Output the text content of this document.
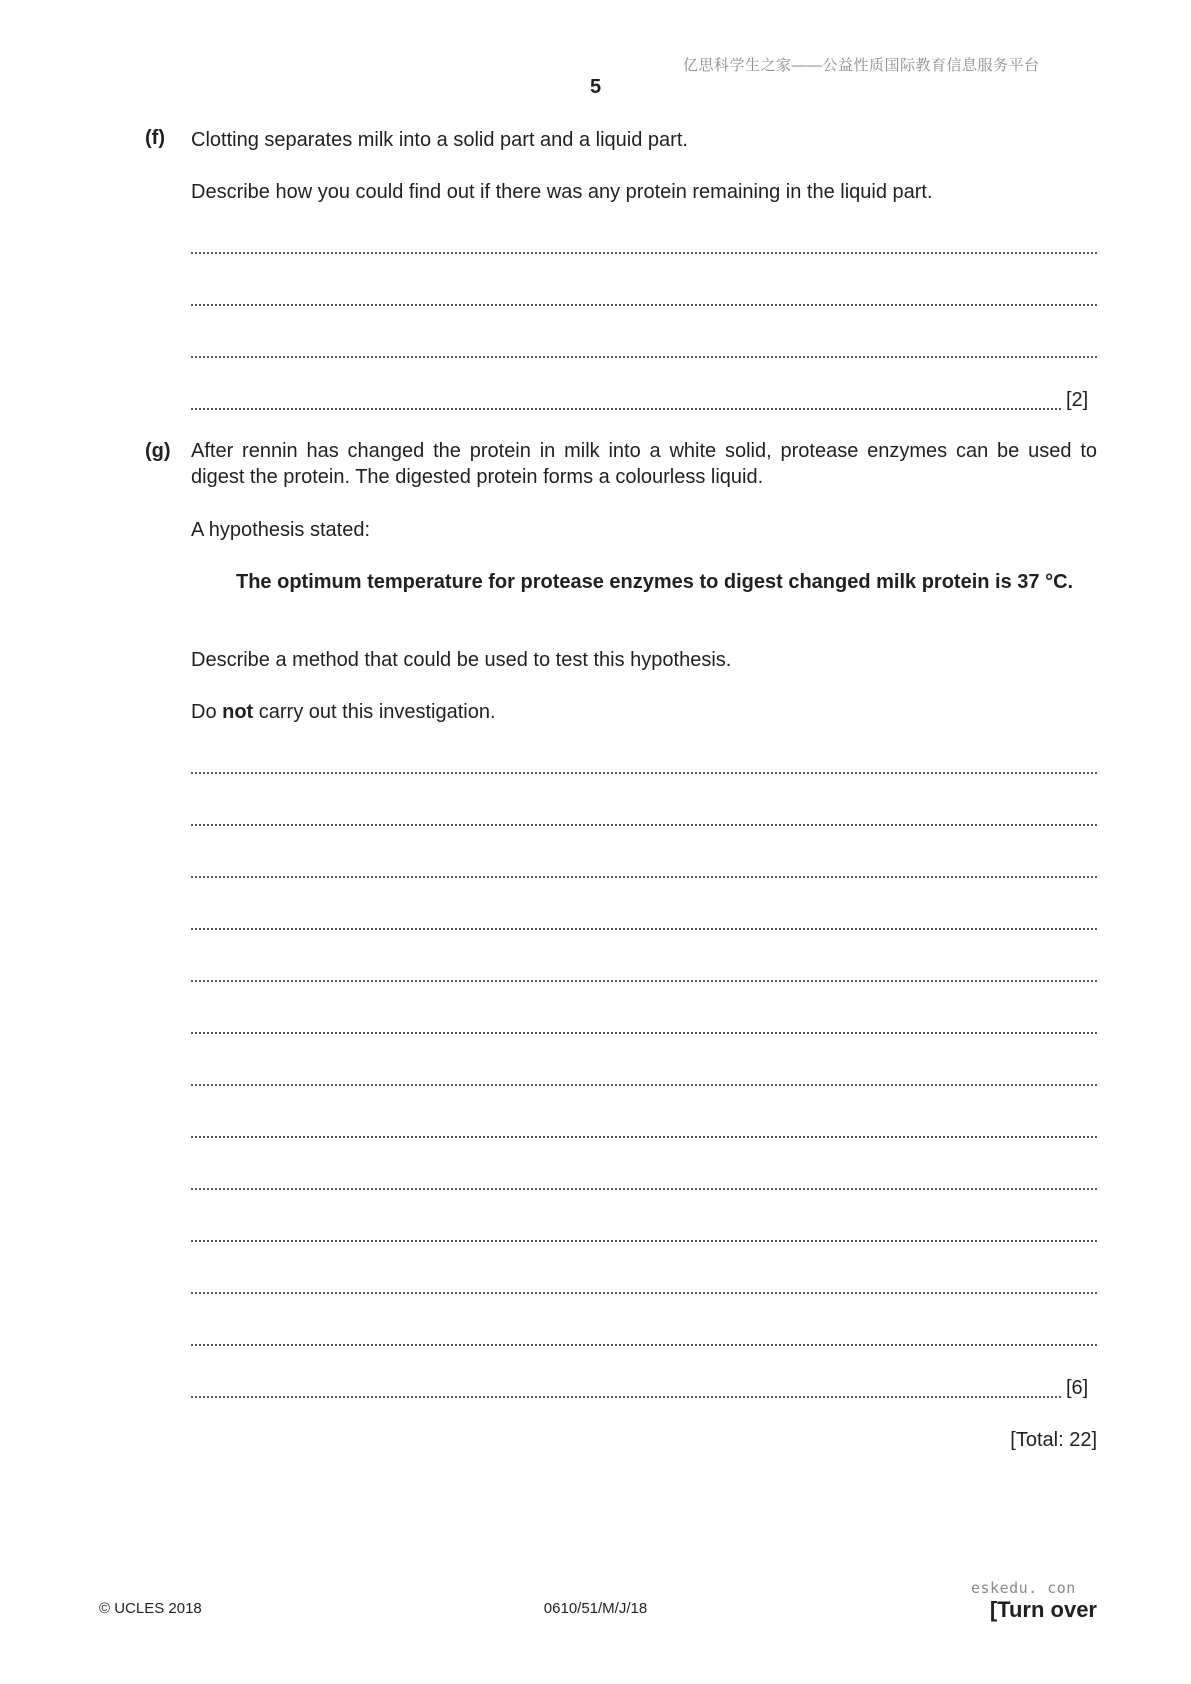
亿思科学生之家——公益性质国际教育信息服务平台
5
(f) Clotting separates milk into a solid part and a liquid part.
Describe how you could find out if there was any protein remaining in the liquid part.
[2]
(g) After rennin has changed the protein in milk into a white solid, protease enzymes can be used to digest the protein. The digested protein forms a colourless liquid.
A hypothesis stated:
The optimum temperature for protease enzymes to digest changed milk protein is 37 °C.
Describe a method that could be used to test this hypothesis.
Do not carry out this investigation.
[6]
[Total: 22]
© UCLES 2018	0610/51/M/J/18
eskedu. con
[Turn over
